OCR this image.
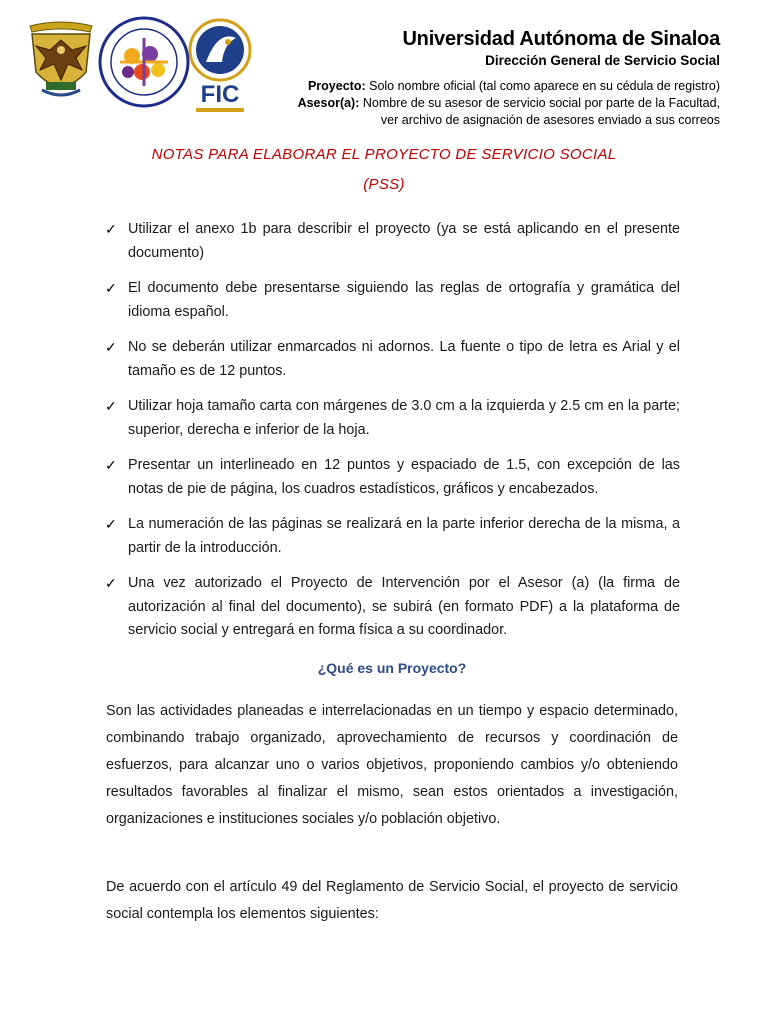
FIC
Universidad Autónoma de Sinaloa
Dirección General de Servicio Social
Proyecto: Solo nombre oficial (tal como aparece en su cédula de registro)
Asesor(a): Nombre de su asesor de servicio social por parte de la Facultad,
ver archivo de asignación de asesores enviado a sus correos
NOTAS PARA ELABORAR EL PROYECTO DE SERVICIO SOCIAL
(PSS)
✓ Utilizar el anexo 1b para describir el proyecto (ya se está aplicando en el presente documento)
✓ El documento debe presentarse siguiendo las reglas de ortografía y gramática del idioma español.
✓ No se deberán utilizar enmarcados ni adornos. La fuente o tipo de letra es Arial y el tamaño es de 12 puntos.
✓ Utilizar hoja tamaño carta con márgenes de 3.0 cm a la izquierda y 2.5 cm en la parte; superior, derecha e inferior de la hoja.
✓ Presentar un interlineado en 12 puntos y espaciado de 1.5, con excepción de las notas de pie de página, los cuadros estadísticos, gráficos y encabezados.
✓ La numeración de las páginas se realizará en la parte inferior derecha de la misma, a partir de la introducción.
✓ Una vez autorizado el Proyecto de Intervención por el Asesor (a) (la firma de autorización al final del documento), se subirá (en formato PDF) a la plataforma de servicio social y entregará en forma física a su coordinador.
¿Qué es un Proyecto?

Son las actividades planeadas e interrelacionadas en un tiempo y espacio determinado, combinando trabajo organizado, aprovechamiento de recursos y coordinación de esfuerzos, para alcanzar uno o varios objetivos, proponiendo cambios y/o obteniendo resultados favorables al finalizar el mismo, sean estos orientados a investigación, organizaciones e instituciones sociales y/o población objetivo.

De acuerdo con el artículo 49 del Reglamento de Servicio Social, el proyecto de servicio social contempla los elementos siguientes:
